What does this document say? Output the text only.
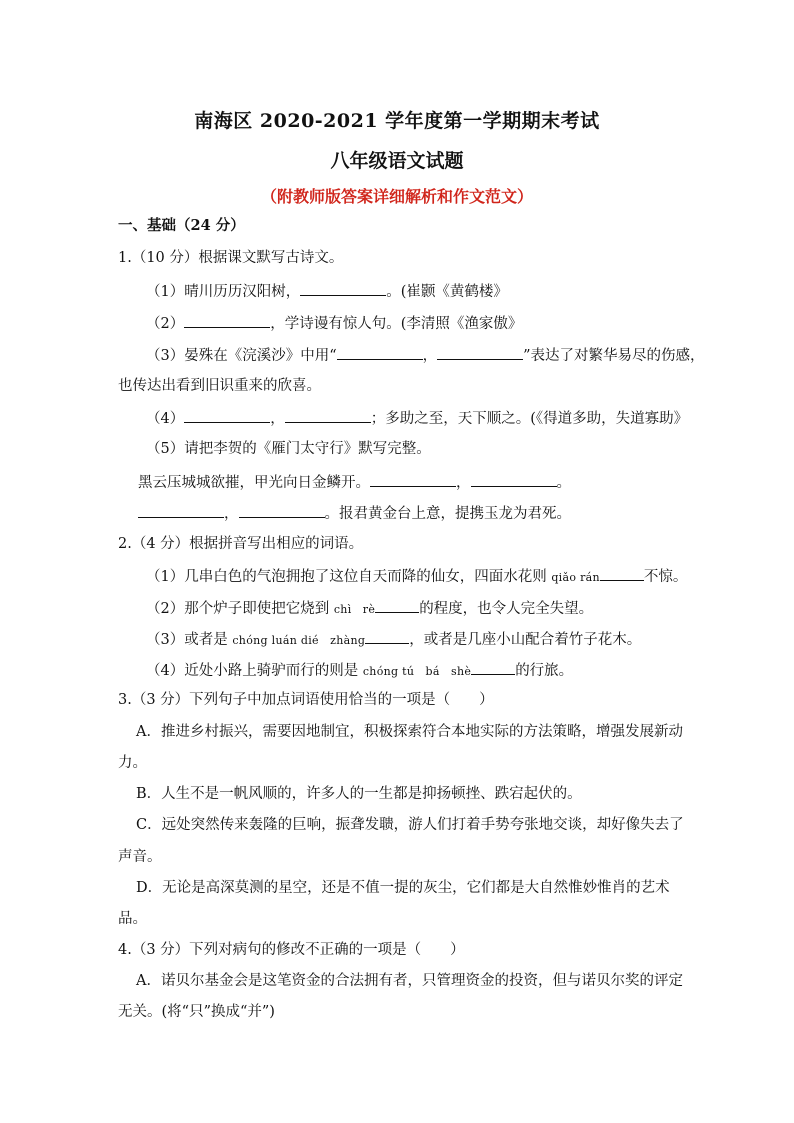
南海区 2020-2021 学年度第一学期期末考试
八年级语文试题
（附教师版答案详细解析和作文范文）
一、基础（24 分）
1.（10 分）根据课文默写古诗文。
（1）晴川历历汉阳树，	。(崔颢《黄鹤楼》
（2）	，学诗谩有惊人句。(李清照《渔家傲》
（3）晏殊在《浣溪沙》中用“	，	”表达了对繁华易尽的伤感，
也传达出看到旧识重来的欣喜。
（4）	，	；多助之至，天下顺之。(《得道多助，失道寡助》
（5）请把李贺的《雁门太守行》默写完整。
黑云压城城欲摧，甲光向日金鳞开。	，	。
，	。报君黄金台上意，提携玉龙为君死。
2.（4 分）根据拼音写出相应的词语。
（1）几串白色的气泡拥抱了这位自天而降的仙女，四面水花则 qiǎo rán	不惊。
（2）那个炉子即使把它烧到 chì　rè	的程度，也令人完全失望。
（3）或者是 chóng luán dié　zhàng	，或者是几座小山配合着竹子花木。
（4）近处小路上骑驴而行的则是 chóng tú　bá　shè	的行旅。
3.（3 分）下列句子中加点词语使用恰当的一项是（　　）
A．推进乡村振兴，需要因地制宜，积极探索符合本地实际的方法策略，增强发展新动
力。
B．人生不是一帆风顺的，许多人的一生都是抑扬顿挫、跌宕起伏的。
C．远处突然传来轰隆的巨响，振聋发聩，游人们打着手势夸张地交谈，却好像失去了
声音。
D．无论是高深莫测的星空，还是不值一提的灰尘，它们都是大自然惟妙惟肖的艺术
品。
4.（3 分）下列对病句的修改不正确的一项是（　　）
A．诺贝尔基金会是这笔资金的合法拥有者，只管理资金的投资，但与诺贝尔奖的评定
无关。(将“只”换成“并”)
